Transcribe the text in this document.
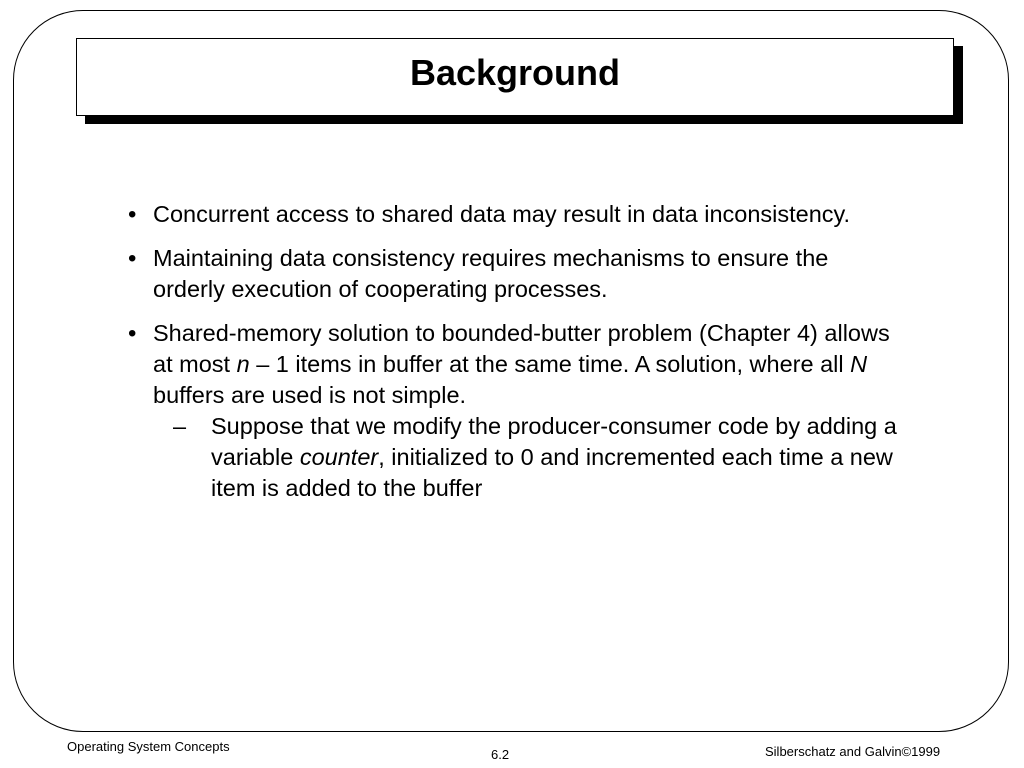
Background
• Concurrent access to shared data may result in data inconsistency.
• Maintaining data consistency requires mechanisms to ensure the orderly execution of cooperating processes.
• Shared-memory solution to bounded-butter problem (Chapter 4) allows at most n – 1 items in buffer at the same time. A solution, where all N buffers are used is not simple.
– Suppose that we modify the producer-consumer code by adding a variable counter, initialized to 0 and incremented each time a new item is added to the buffer
Operating System Concepts
6.2	Silberschatz and Galvin©1999
